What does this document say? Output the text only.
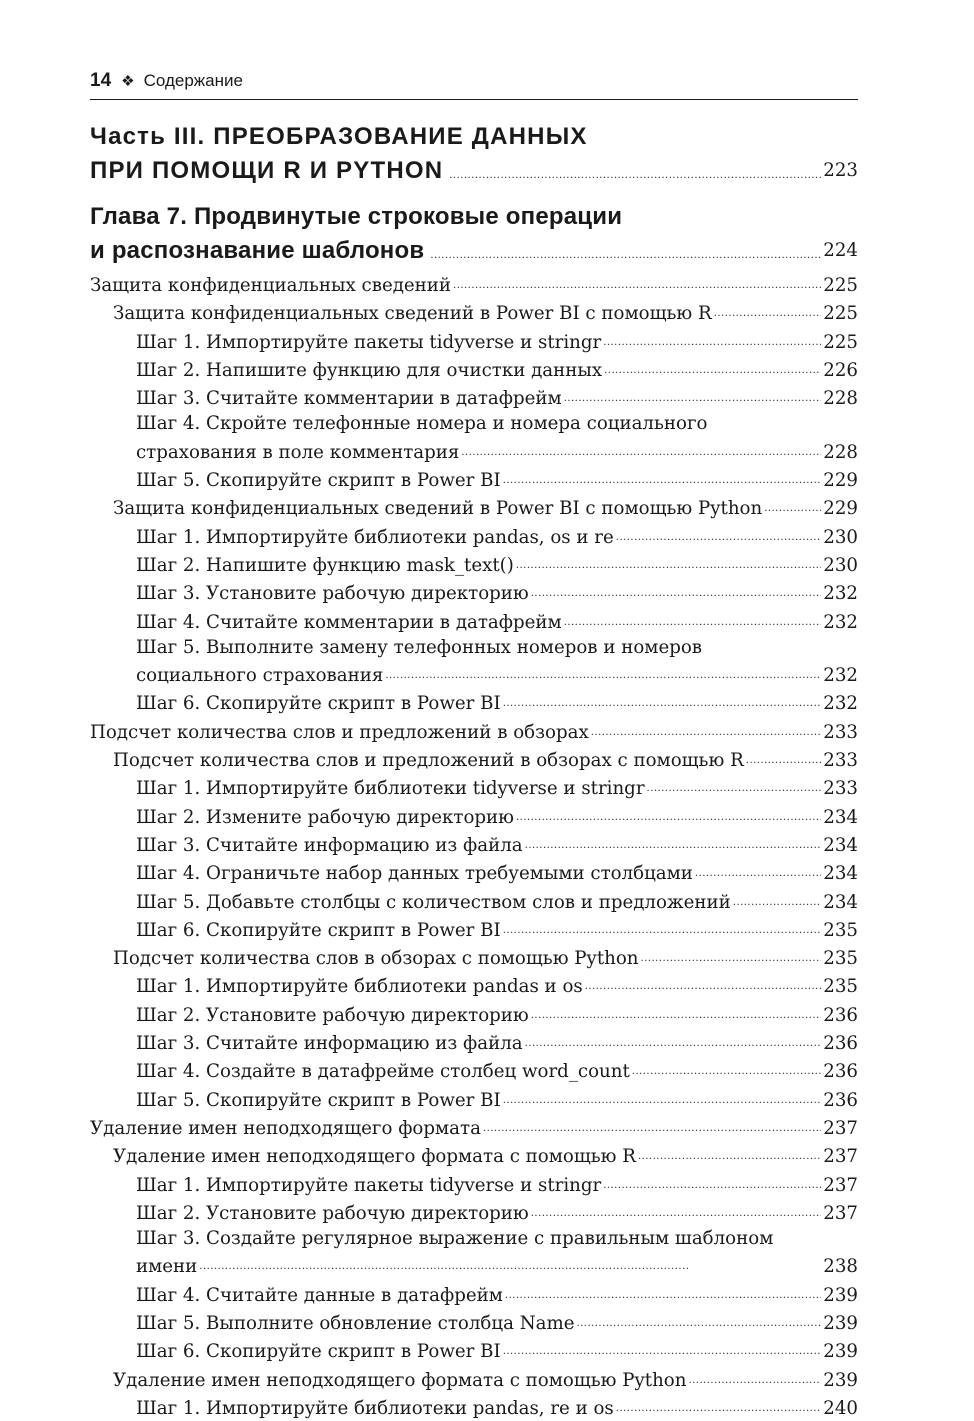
14 ❖ Содержание
Часть III. ПРЕОБРАЗОВАНИЕ ДАННЫХ
ПРИ ПОМОЩИ R И PYTHON . . .	223
Глава 7. Продвинутые строковые операции
и распознавание шаблонов . . .	224
Защита конфиденциальных сведений . . .	225
Защита конфиденциальных сведений в Power BI с помощью R . . .	225
Шаг 1. Импортируйте пакеты tidyverse и stringr . . .	225
Шаг 2. Напишите функцию для очистки данных . . .	226
Шаг 3. Считайте комментарии в датафрейм . . .	228
Шаг 4. Скройте телефонные номера и номера социального
страхования в поле комментария . . .	228
Шаг 5. Скопируйте скрипт в Power BI . . .	229
Защита конфиденциальных сведений в Power BI с помощью Python . . .	229
Шаг 1. Импортируйте библиотеки pandas, os и re . . .	230
Шаг 2. Напишите функцию mask_text() . . .	230
Шаг 3. Установите рабочую директорию . . .	232
Шаг 4. Считайте комментарии в датафрейм . . .	232
Шаг 5. Выполните замену телефонных номеров и номеров
социального страхования . . .	232
Шаг 6. Скопируйте скрипт в Power BI . . .	232
Подсчет количества слов и предложений в обзорах . . .	233
Подсчет количества слов и предложений в обзорах с помощью R . . .	233
Шаг 1. Импортируйте библиотеки tidyverse и stringr . . .	233
Шаг 2. Измените рабочую директорию . . .	234
Шаг 3. Считайте информацию из файла . . .	234
Шаг 4. Ограничьте набор данных требуемыми столбцами . . .	234
Шаг 5. Добавьте столбцы с количеством слов и предложений . . .	234
Шаг 6. Скопируйте скрипт в Power BI . . .	235
Подсчет количества слов в обзорах с помощью Python . . .	235
Шаг 1. Импортируйте библиотеки pandas и os . . .	235
Шаг 2. Установите рабочую директорию . . .	236
Шаг 3. Считайте информацию из файла . . .	236
Шаг 4. Создайте в датафрейме столбец word_count . . .	236
Шаг 5. Скопируйте скрипт в Power BI . . .	236
Удаление имен неподходящего формата . . .	237
Удаление имен неподходящего формата с помощью R . . .	237
Шаг 1. Импортируйте пакеты tidyverse и stringr . . .	237
Шаг 2. Установите рабочую директорию . . .	237
Шаг 3. Создайте регулярное выражение с правильным шаблоном
имени . . .	238
Шаг 4. Считайте данные в датафрейм . . .	239
Шаг 5. Выполните обновление столбца Name . . .	239
Шаг 6. Скопируйте скрипт в Power BI . . .	239
Удаление имен неподходящего формата с помощью Python . . .	239
Шаг 1. Импортируйте библиотеки pandas, re и os . . .	240
